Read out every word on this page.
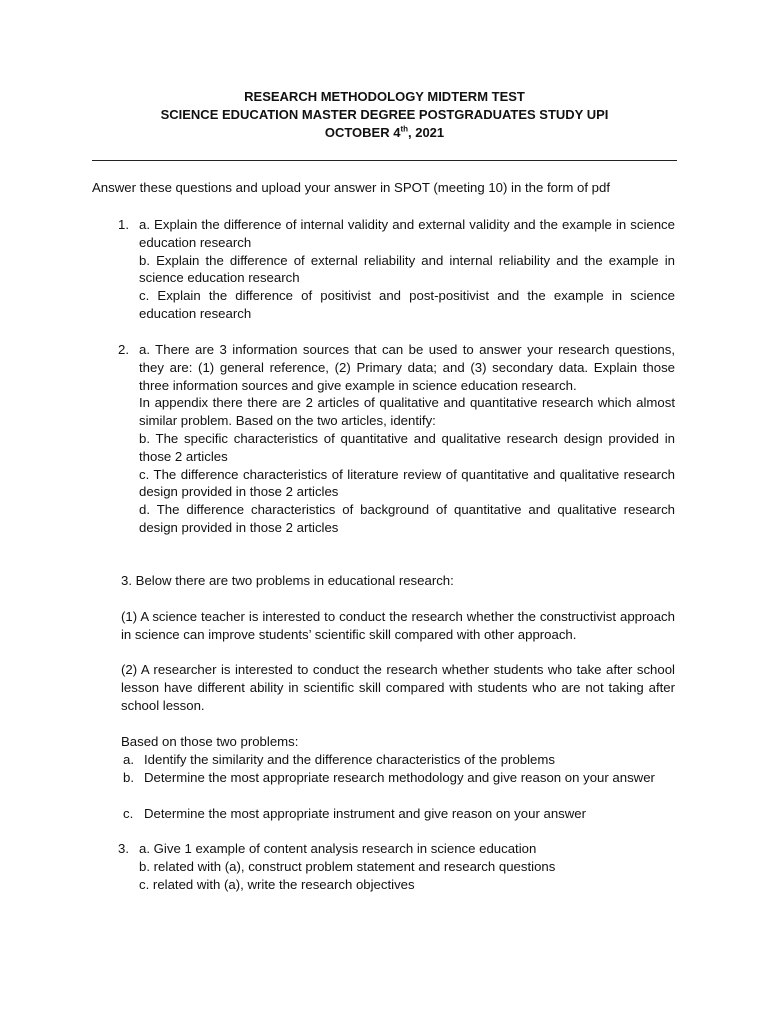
RESEARCH METHODOLOGY MIDTERM TEST
SCIENCE EDUCATION MASTER DEGREE POSTGRADUATES STUDY UPI
OCTOBER 4th, 2021
Answer these questions and upload your answer in SPOT (meeting 10) in the form of pdf
1. a. Explain the difference of internal validity and external validity and the example in science education research

b. Explain the difference of external reliability and internal reliability and the example in science education research

c. Explain the difference of positivist and post-positivist and the example in science education research

2. a. There are 3 information sources that can be used to answer your research questions, they are: (1) general reference, (2) Primary data; and (3) secondary data. Explain those three information sources and give example in science education research.

In appendix there there are 2 articles of qualitative and quantitative research which almost similar problem. Based on the two articles, identify:

b. The specific characteristics of quantitative and qualitative research design provided in those 2 articles

c. The difference characteristics of literature review of quantitative and qualitative research design provided in those 2 articles

d. The difference characteristics of background of quantitative and qualitative research design provided in those 2 articles

3. Below there are two problems in educational research:
(1) A science teacher is interested to conduct the research whether the constructivist approach in science can improve students’ scientific skill compared with other approach.
(2) A researcher is interested to conduct the research whether students who take after school lesson have different ability in scientific skill compared with students who are not taking after school lesson.
Based on those two problems:
a. Identify the similarity and the difference characteristics of the problems
b. Determine the most appropriate research methodology and give reason on your answer
c. Determine the most appropriate instrument and give reason on your answer
3. a. Give 1 example of content analysis research in science education

b. related with (a), construct problem statement and research questions

c. related with (a), write the research objectives
